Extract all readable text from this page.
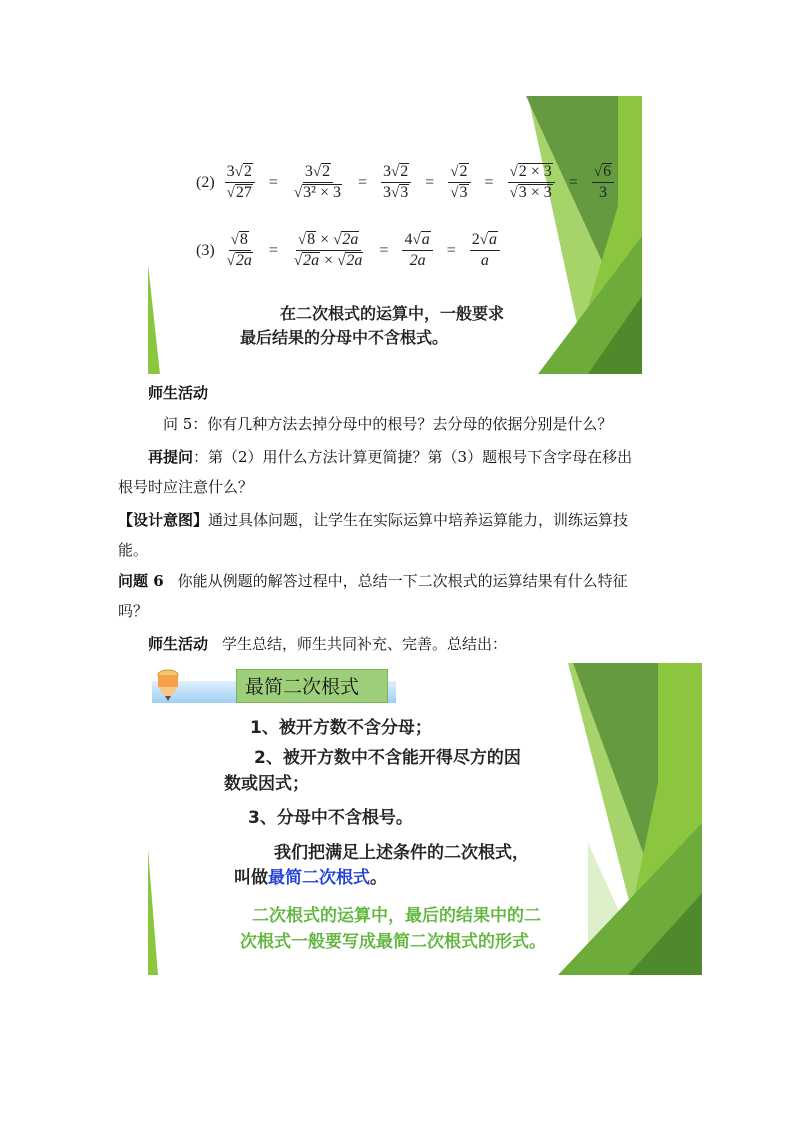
$(2) \frac{3√2}{√27} = \frac{3√2}{\text{√3² × 3}} = \frac{3√2}{3√3} = \frac{√2}{√3} = \frac{√2 \times 3}{√3 \times 3} = \frac{√6}{3}$
$(3) \frac{√8}{√2a} = \frac{√8 \times √2a}{√2a \times √2a} = \frac{4√a}{2a} = \frac{2√a}{a}$
在二次根式的运算中，一般要求
最后结果的分母中不含根式。
师生活动
问 5：你有几种方法去掉分母中的根号？去分母的依据分别是什么？
再提问：第（2）用什么方法计算更简捷？第（3）题根号下含字母在移出
根号时应注意什么？
【设计意图】通过具体问题，让学生在实际运算中培养运算能力，训练运算技
能。
问题 6 你能从例题的解答过程中，总结一下二次根式的运算结果有什么特征
吗？
师生活动 学生总结，师生共同补充、完善。总结出：
最简二次根式
1、被开方数不含分母；
2、被开方数中不含能开得尽方的因
数或因式；
3、分母中不含根号。
我们把满足上述条件的二次根式，
叫做最简二次根式。
二次根式的运算中，最后的结果中的二
次根式一般要写成最简二次根式的形式。
